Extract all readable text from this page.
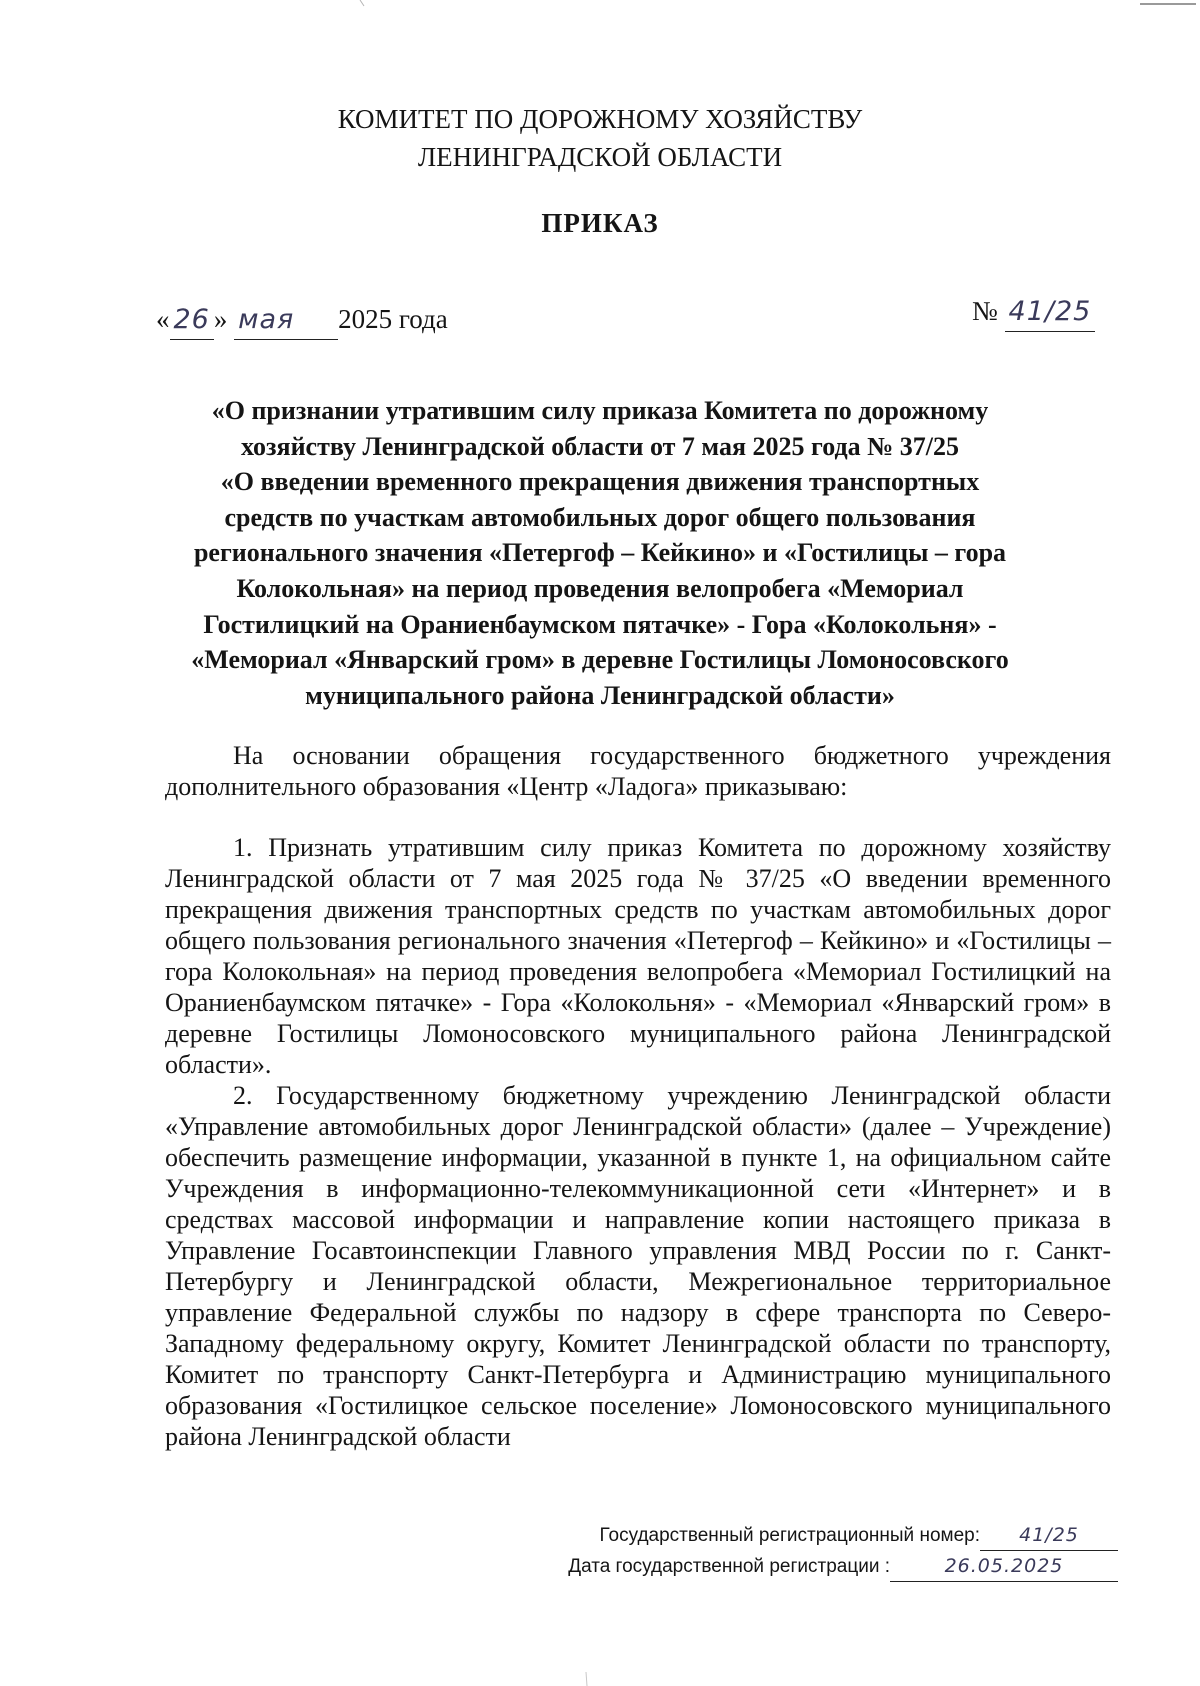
КОМИТЕТ ПО ДОРОЖНОМУ ХОЗЯЙСТВУ
ЛЕНИНГРАДСКОЙ ОБЛАСТИ
ПРИКАЗ
« 26 » мая 2025 года	№ 41/25
«О признании утратившим силу приказа Комитета по дорожному
хозяйству Ленинградской области от 7 мая 2025 года № 37/25
«О введении временного прекращения движения транспортных
средств по участкам автомобильных дорог общего пользования
регионального значения «Петергоф – Кейкино» и «Гостилицы – гора
Колокольная» на период проведения велопробега «Мемориал
Гостилицкий на Ораниенбаумском пятачке» - Гора «Колокольня» -
«Мемориал «Январский гром» в деревне Гостилицы Ломоносовского
муниципального района Ленинградской области»

На основании обращения государственного бюджетного учреждения дополнительного образования «Центр «Ладога» приказываю:

1. Признать утратившим силу приказ Комитета по дорожному хозяйству Ленинградской области от 7 мая 2025 года № 37/25 «О введении временного прекращения движения транспортных средств по участкам автомобильных дорог общего пользования регионального значения «Петергоф – Кейкино» и «Гостилицы – гора Колокольная» на период проведения велопробега «Мемориал Гостилицкий на Ораниенбаумском пятачке» - Гора «Колокольня» - «Мемориал «Январский гром» в деревне Гостилицы Ломоносовского муниципального района Ленинградской области».

2. Государственному бюджетному учреждению Ленинградской области «Управление автомобильных дорог Ленинградской области» (далее – Учреждение) обеспечить размещение информации, указанной в пункте 1, на официальном сайте Учреждения в информационно-телекоммуникационной сети «Интернет» и в средствах массовой информации и направление копии настоящего приказа в Управление Госавтоинспекции Главного управления МВД России по г. Санкт-Петербургу и Ленинградской области, Межрегиональное территориальное управление Федеральной службы по надзору в сфере транспорта по Северо-Западному федеральному округу, Комитет Ленинградской области по транспорту, Комитет по транспорту Санкт-Петербурга и Администрацию муниципального образования «Гостилицкое сельское поселение» Ломоносовского муниципального района Ленинградской области

Государственный регистрационный номер: 41/25
Дата государственной регистрации :	26.05.2025
